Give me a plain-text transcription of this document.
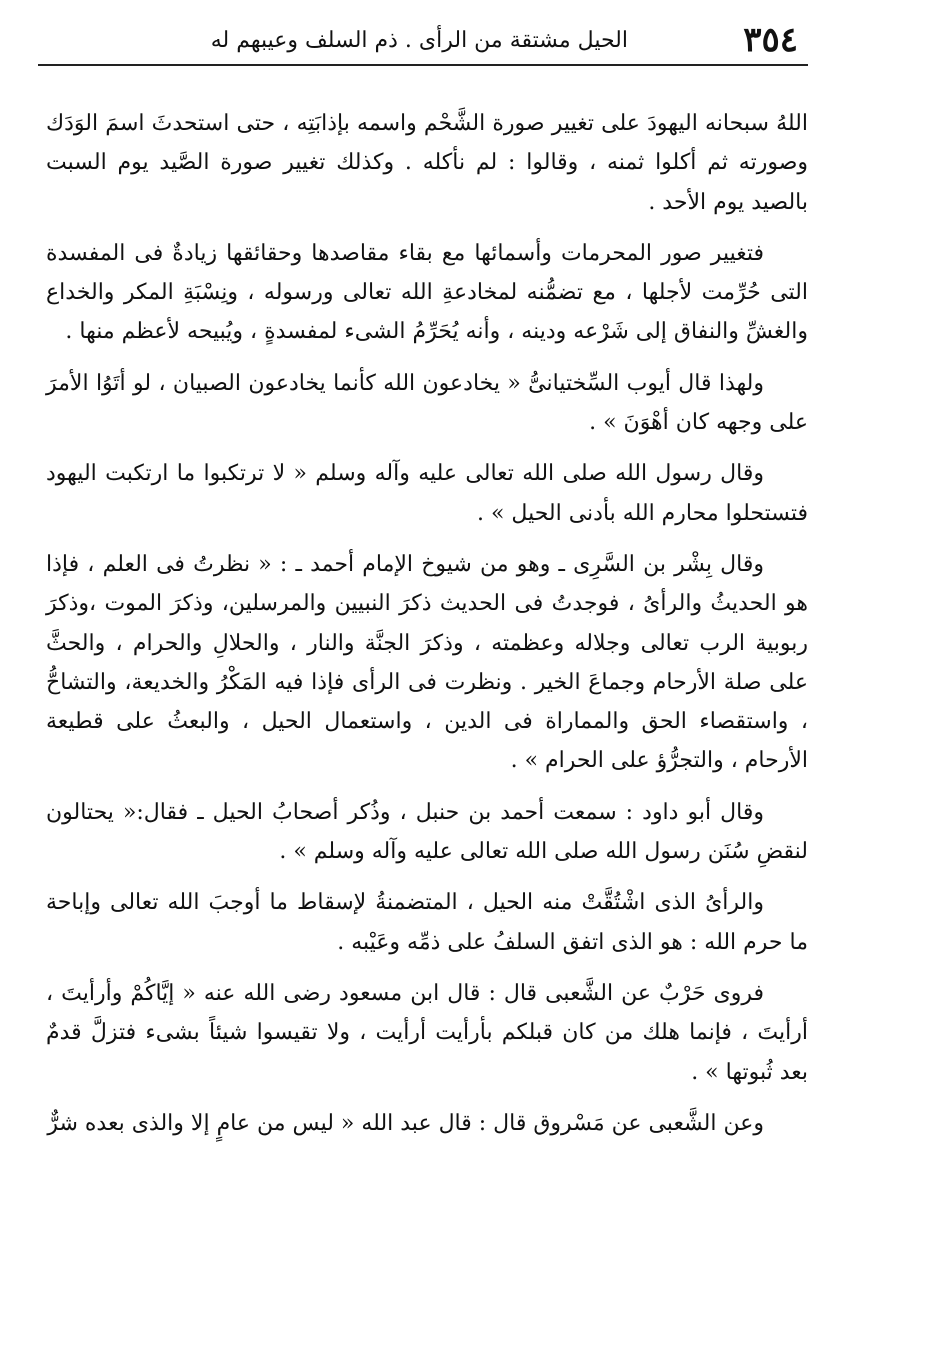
٣٥٤
الحيل مشتقة من الرأى . ذم السلف وعيبهم له

اللهُ سبحانه اليهودَ على تغيير صورة الشَّحْم واسمه بإذابَتِه ، حتى استحدثَ اسمَ الوَدَك وصورته ثم أكلوا ثمنه ، وقالوا : لم نأكله . وكذلك تغيير صورة الصَّيد يوم السبت بالصيد يوم الأحد .

فتغيير صور المحرمات وأسمائها مع بقاء مقاصدها وحقائقها زيادةٌ فى المفسدة التى حُرِّمت لأجلها ، مع تضمُّنه لمخادعةِ الله تعالى ورسوله ، ونِسْبَةِ المكر والخداع والغشِّ والنفاق إلى شَرْعه ودينه ، وأنه يُحَرِّمُ الشىء لمفسدةٍ ، ويُبيحه لأعظم منها .

ولهذا قال أيوب السِّختيانىُّ « يخادعون الله كأنما يخادعون الصبيان ، لو أتَوُا الأمرَ على وجهه كان أهْوَنَ » .

وقال رسول الله صلى الله تعالى عليه وآله وسلم « لا ترتكبوا ما ارتكبت اليهود فتستحلوا محارم الله بأدنى الحيل » .

وقال بِشْر بن السَّرِى ـ وهو من شيوخ الإمام أحمد ـ : « نظرتُ فى العلم ، فإذا هو الحديثُ والرأىُ ، فوجدتُ فى الحديث ذكرَ النبيين والمرسلين، وذكرَ الموت ،وذكرَ ربوبية الرب تعالى وجلاله وعظمته ، وذكرَ الجنَّة والنار ، والحلالِ والحرام ، والحثَّ على صلة الأرحام وجماعَ الخير . ونظرت فى الرأى فإذا فيه المَكْرُ والخديعة، والتشاحُّ ، واستقصاء الحق والمماراة فى الدين ، واستعمال الحيل ، والبعثُ على قطيعة الأرحام ، والتجرُّؤ على الحرام » .

وقال أبو داود : سمعت أحمد بن حنبل ، وذُكر أصحابُ الحيل ـ فقال:« يحتالون لنقضِ سُنَن رسول الله صلى الله تعالى عليه وآله وسلم » .

والرأىُ الذى اشْتُقَّتْ منه الحيل ، المتضمنةُ لإسقاط ما أوجبَ الله تعالى وإباحة ما حرم الله : هو الذى اتفق السلفُ على ذمِّه وعَيْبه .

فروى حَرْبٌ عن الشَّعبى قال : قال ابن مسعود رضى الله عنه « إيَّاكُمْ وأرأيتَ ، أرأيتَ ، فإنما هلك من كان قبلكم بأرأيت أرأيت ، ولا تقيسوا شيئاً بشىء فتزلَّ قدمٌ بعد ثُبوتها » .

وعن الشَّعبى عن مَسْروق قال : قال عبد الله « ليس من عامٍ إلا والذى بعده شرٌّ
